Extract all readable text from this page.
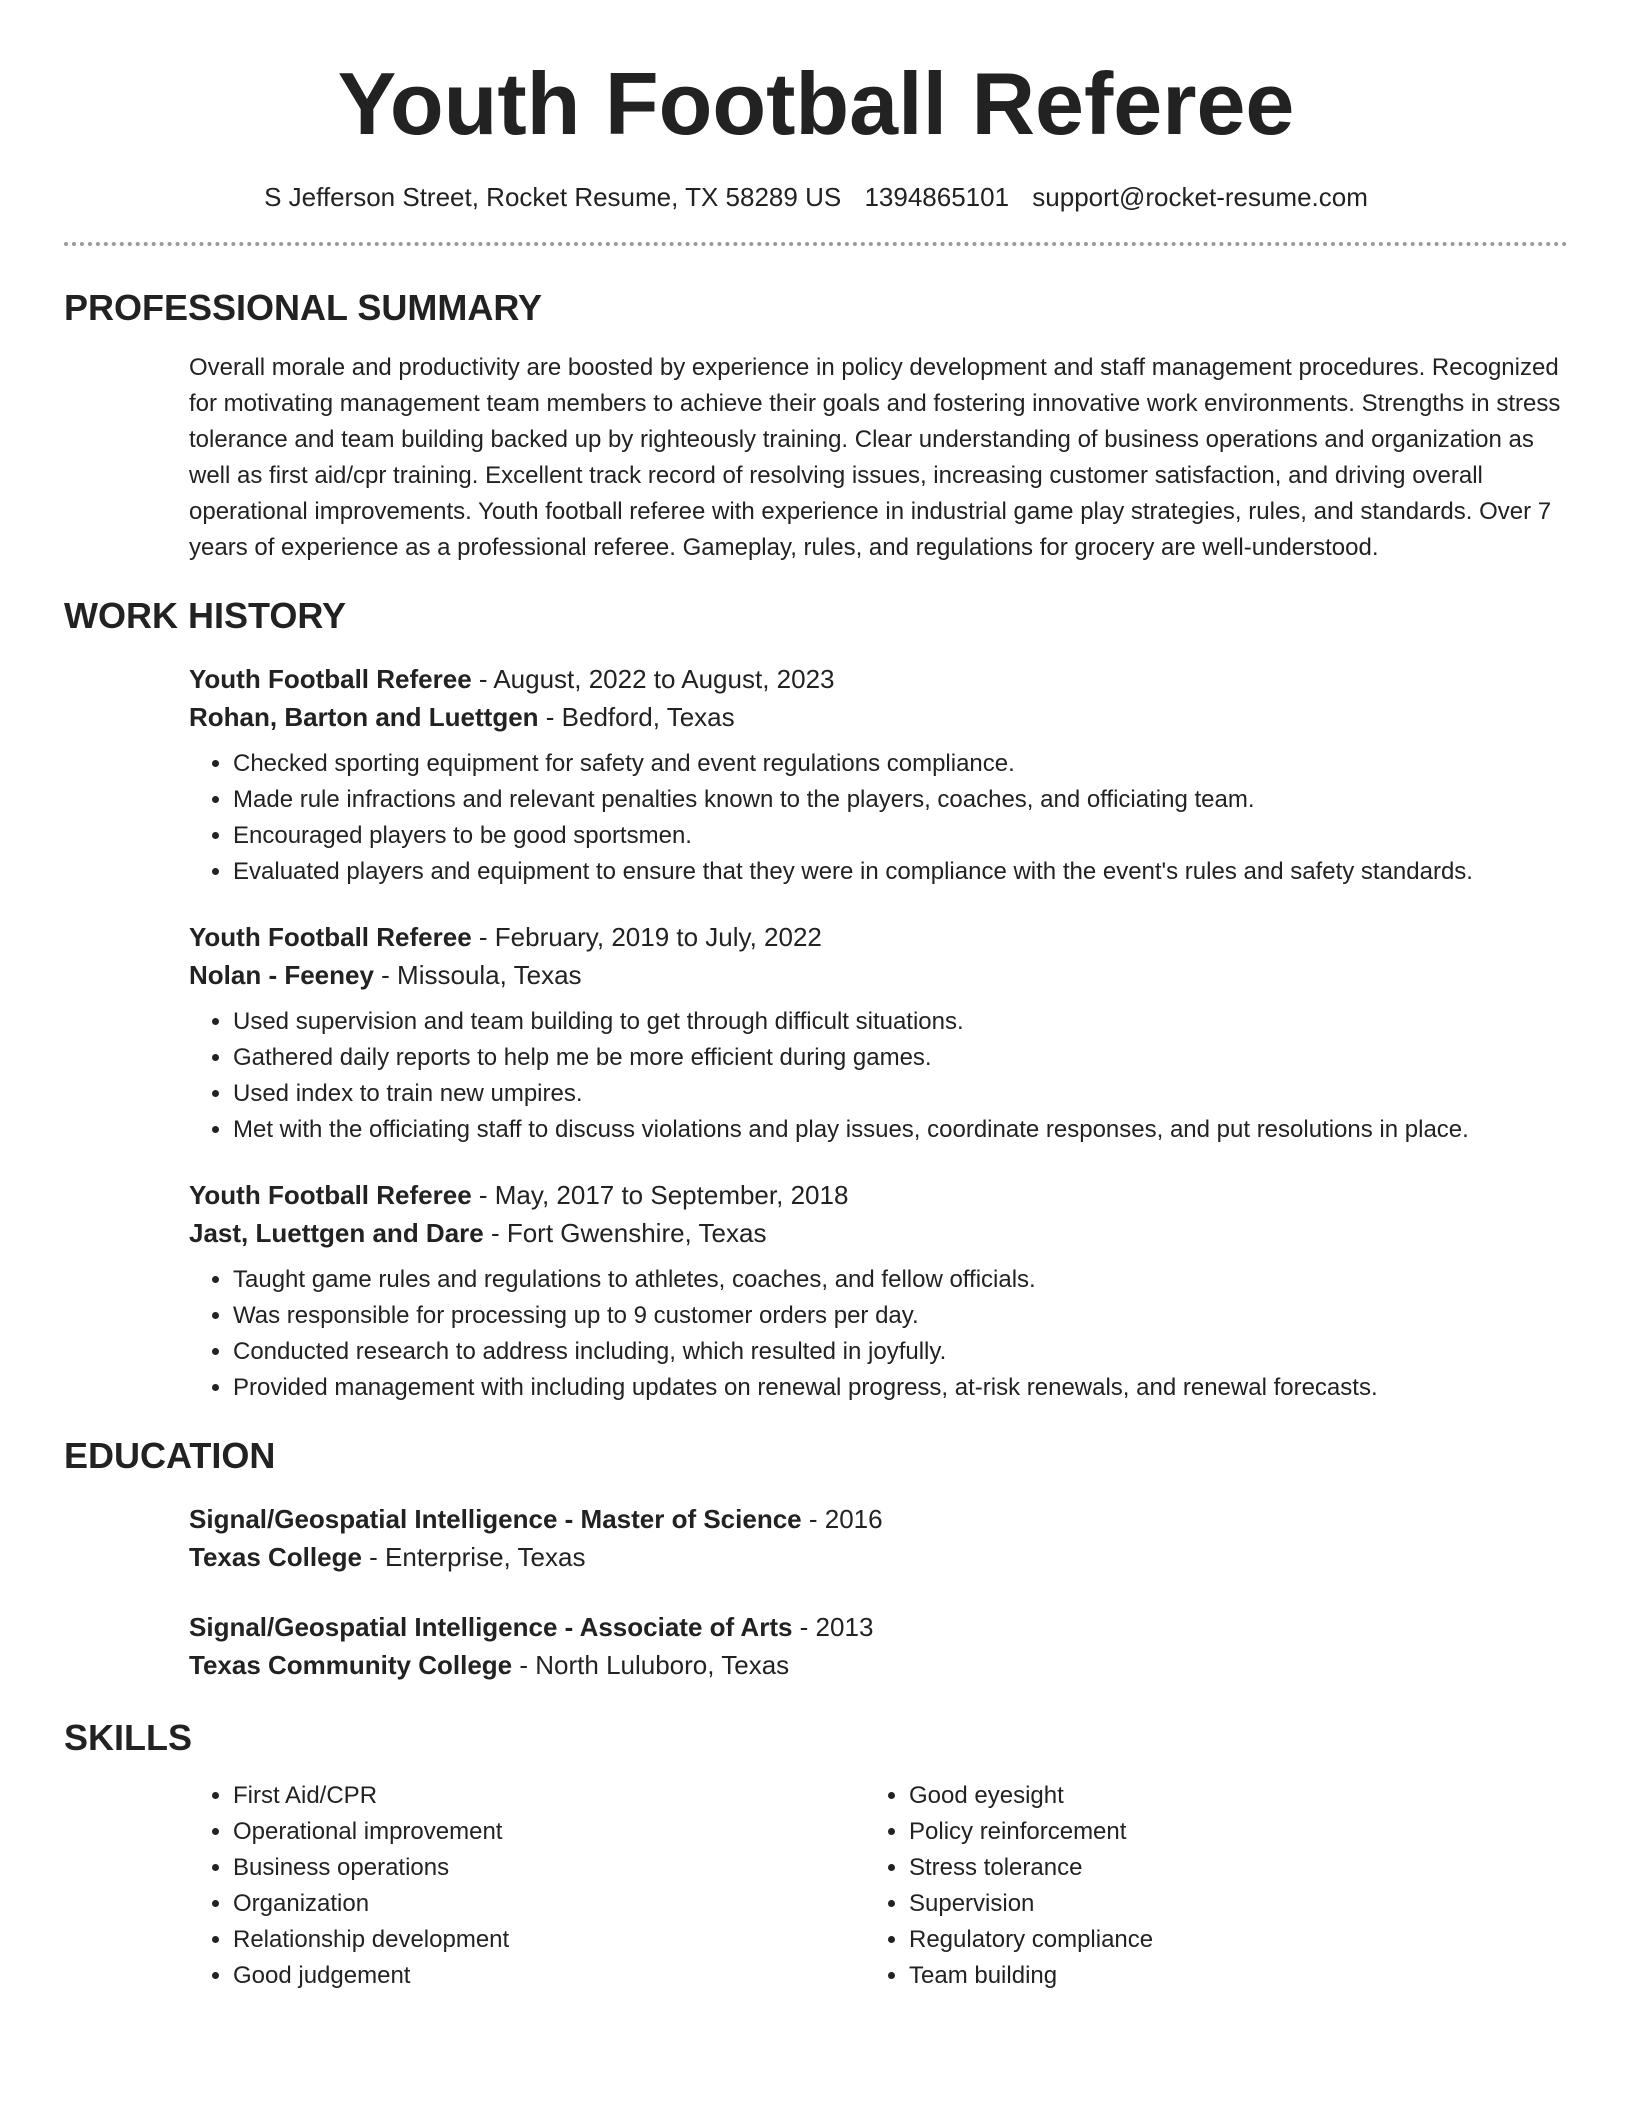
Youth Football Referee
S Jefferson Street, Rocket Resume, TX 58289 US 1394865101 support@rocket-resume.com
PROFESSIONAL SUMMARY

Overall morale and productivity are boosted by experience in policy development and staff management procedures. Recognized for motivating management team members to achieve their goals and fostering innovative work environments. Strengths in stress tolerance and team building backed up by righteously training. Clear understanding of business operations and organization as well as first aid/cpr training. Excellent track record of resolving issues, increasing customer satisfaction, and driving overall operational improvements. Youth football referee with experience in industrial game play strategies, rules, and standards. Over 7 years of experience as a professional referee. Gameplay, rules, and regulations for grocery are well-understood.

WORK HISTORY
Youth Football Referee - August, 2022 to August, 2023
Rohan, Barton and Luettgen - Bedford, Texas
• Checked sporting equipment for safety and event regulations compliance.
• Made rule infractions and relevant penalties known to the players, coaches, and officiating team.
• Encouraged players to be good sportsmen.
• Evaluated players and equipment to ensure that they were in compliance with the event's rules and safety standards.
Youth Football Referee - February, 2019 to July, 2022
Nolan - Feeney - Missoula, Texas
• Used supervision and team building to get through difficult situations.
• Gathered daily reports to help me be more efficient during games.
• Used index to train new umpires.
• Met with the officiating staff to discuss violations and play issues, coordinate responses, and put resolutions in place.
Youth Football Referee - May, 2017 to September, 2018
Jast, Luettgen and Dare - Fort Gwenshire, Texas
• Taught game rules and regulations to athletes, coaches, and fellow officials.
• Was responsible for processing up to 9 customer orders per day.
• Conducted research to address including, which resulted in joyfully.
• Provided management with including updates on renewal progress, at-risk renewals, and renewal forecasts.
EDUCATION
Signal/Geospatial Intelligence - Master of Science - 2016
Texas College - Enterprise, Texas
Signal/Geospatial Intelligence - Associate of Arts - 2013
Texas Community College - North Luluboro, Texas
SKILLS
• First Aid/CPR
• Operational improvement
• Business operations
• Organization
• Relationship development
• Good judgement
• Good eyesight
• Policy reinforcement
• Stress tolerance
• Supervision
• Regulatory compliance
• Team building
